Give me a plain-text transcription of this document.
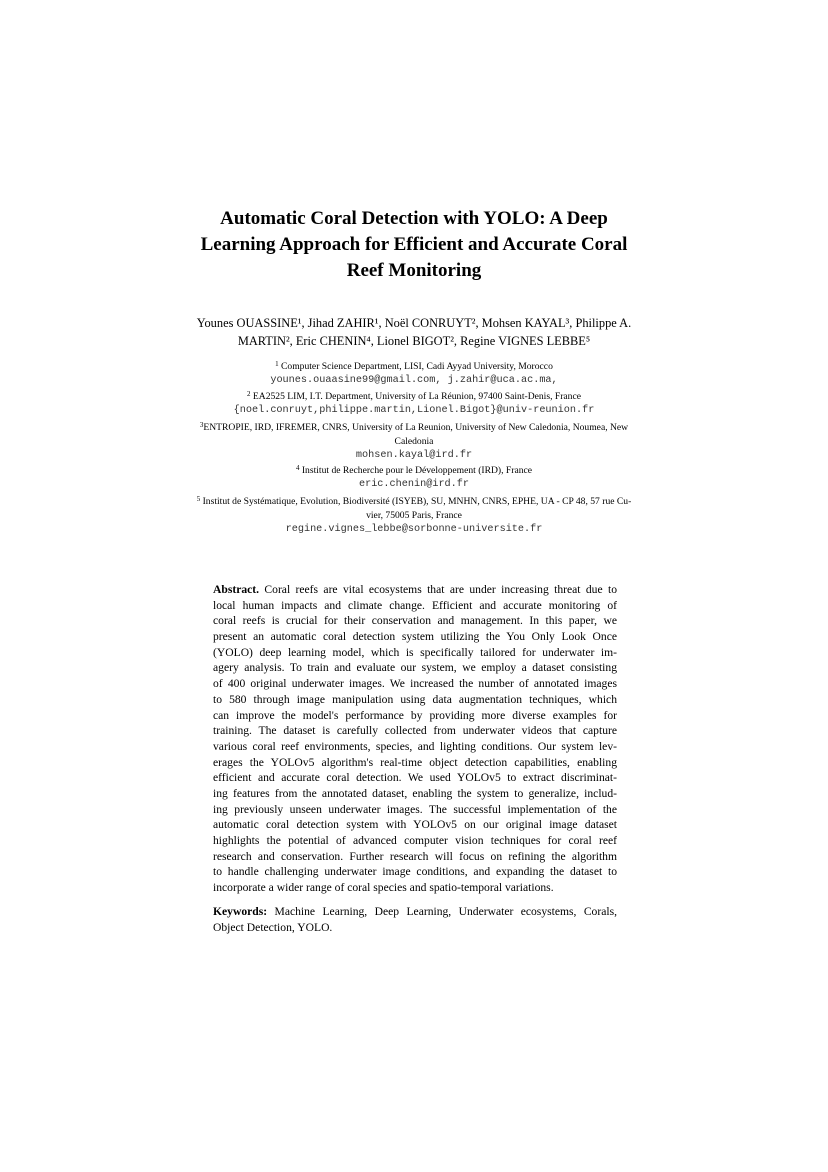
Automatic Coral Detection with YOLO: A Deep
Learning Approach for Efficient and Accurate Coral
Reef Monitoring
Younes OUASSINE¹, Jihad ZAHIR¹, Noël CONRUYT², Mohsen KAYAL³, Philippe A.
MARTIN², Eric CHENIN⁴, Lionel BIGOT², Regine VIGNES LEBBE⁵
$^1$ Computer Science Department, LISI, Cadi Ayyad University, Morocco
younes.ouaasine99@gmail.com, j.zahir@uca.ac.ma,
$^2$ EA2525 LIM, I.T. Department, University of La Réunion, 97400 Saint-Denis, France
{noel.conruyt,philippe.martin,Lionel.Bigot}@univ-reunion.fr
$^3$ENTROPIE, IRD, IFREMER, CNRS, University of La Reunion, University of New Caledonia, Noumea, New
Caledonia
mohsen.kayal@ird.fr
$^4$ Institut de Recherche pour le Développement (IRD), France
eric.chenin@ird.fr
$^5$ Institut de Systématique, Evolution, Biodiversité (ISYEB), SU, MNHN, CNRS, EPHE, UA - CP 48, 57 rue Cu-
vier, 75005 Paris, France
regine.vignes_lebbe@sorbonne-universite.fr
Abstract. Coral reefs are vital ecosystems that are under increasing threat due to
local human impacts and climate change. Efficient and accurate monitoring of
coral reefs is crucial for their conservation and management. In this paper, we
present an automatic coral detection system utilizing the You Only Look Once
(YOLO) deep learning model, which is specifically tailored for underwater im-
agery analysis. To train and evaluate our system, we employ a dataset consisting
of 400 original underwater images. We increased the number of annotated images
to 580 through image manipulation using data augmentation techniques, which
can improve the model's performance by providing more diverse examples for
training. The dataset is carefully collected from underwater videos that capture
various coral reef environments, species, and lighting conditions. Our system lev-
erages the YOLOv5 algorithm's real-time object detection capabilities, enabling
efficient and accurate coral detection. We used YOLOv5 to extract discriminat-
ing features from the annotated dataset, enabling the system to generalize, includ-
ing previously unseen underwater images. The successful implementation of the
automatic coral detection system with YOLOv5 on our original image dataset
highlights the potential of advanced computer vision techniques for coral reef
research and conservation. Further research will focus on refining the algorithm
to handle challenging underwater image conditions, and expanding the dataset to
incorporate a wider range of coral species and spatio-temporal variations.
Keywords: Machine Learning, Deep Learning, Underwater ecosystems, Corals,
Object Detection, YOLO.
